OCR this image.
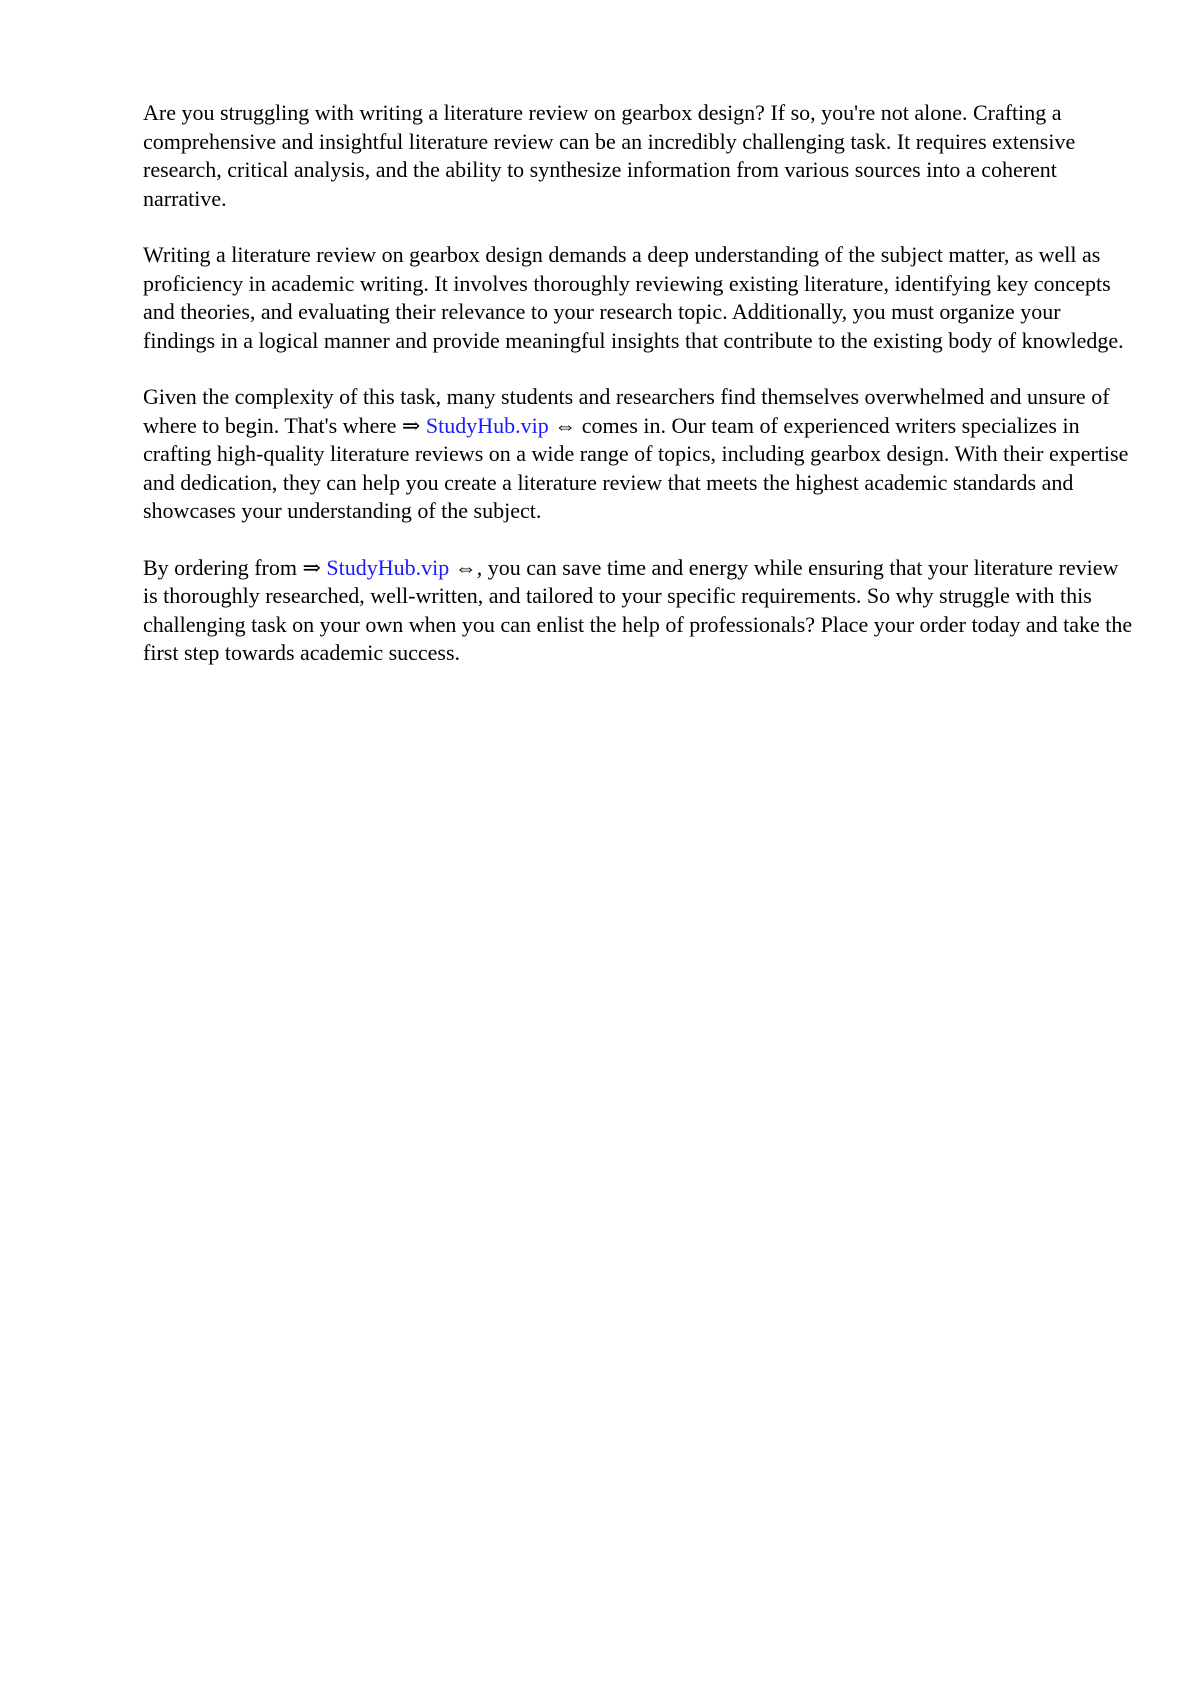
Are you struggling with writing a literature review on gearbox design? If so, you're not alone. Crafting a comprehensive and insightful literature review can be an incredibly challenging task. It requires extensive research, critical analysis, and the ability to synthesize information from various sources into a coherent narrative.

Writing a literature review on gearbox design demands a deep understanding of the subject matter, as well as proficiency in academic writing. It involves thoroughly reviewing existing literature, identifying key concepts and theories, and evaluating their relevance to your research topic. Additionally, you must organize your findings in a logical manner and provide meaningful insights that contribute to the existing body of knowledge.

Given the complexity of this task, many students and researchers find themselves overwhelmed and unsure of where to begin. That's where ⇒ StudyHub.vip ⇔ comes in. Our team of experienced writers specializes in crafting high-quality literature reviews on a wide range of topics, including gearbox design. With their expertise and dedication, they can help you create a literature review that meets the highest academic standards and showcases your understanding of the subject.

By ordering from ⇒ StudyHub.vip ⇔, you can save time and energy while ensuring that your literature review is thoroughly researched, well-written, and tailored to your specific requirements. So why struggle with this challenging task on your own when you can enlist the help of professionals? Place your order today and take the first step towards academic success.
